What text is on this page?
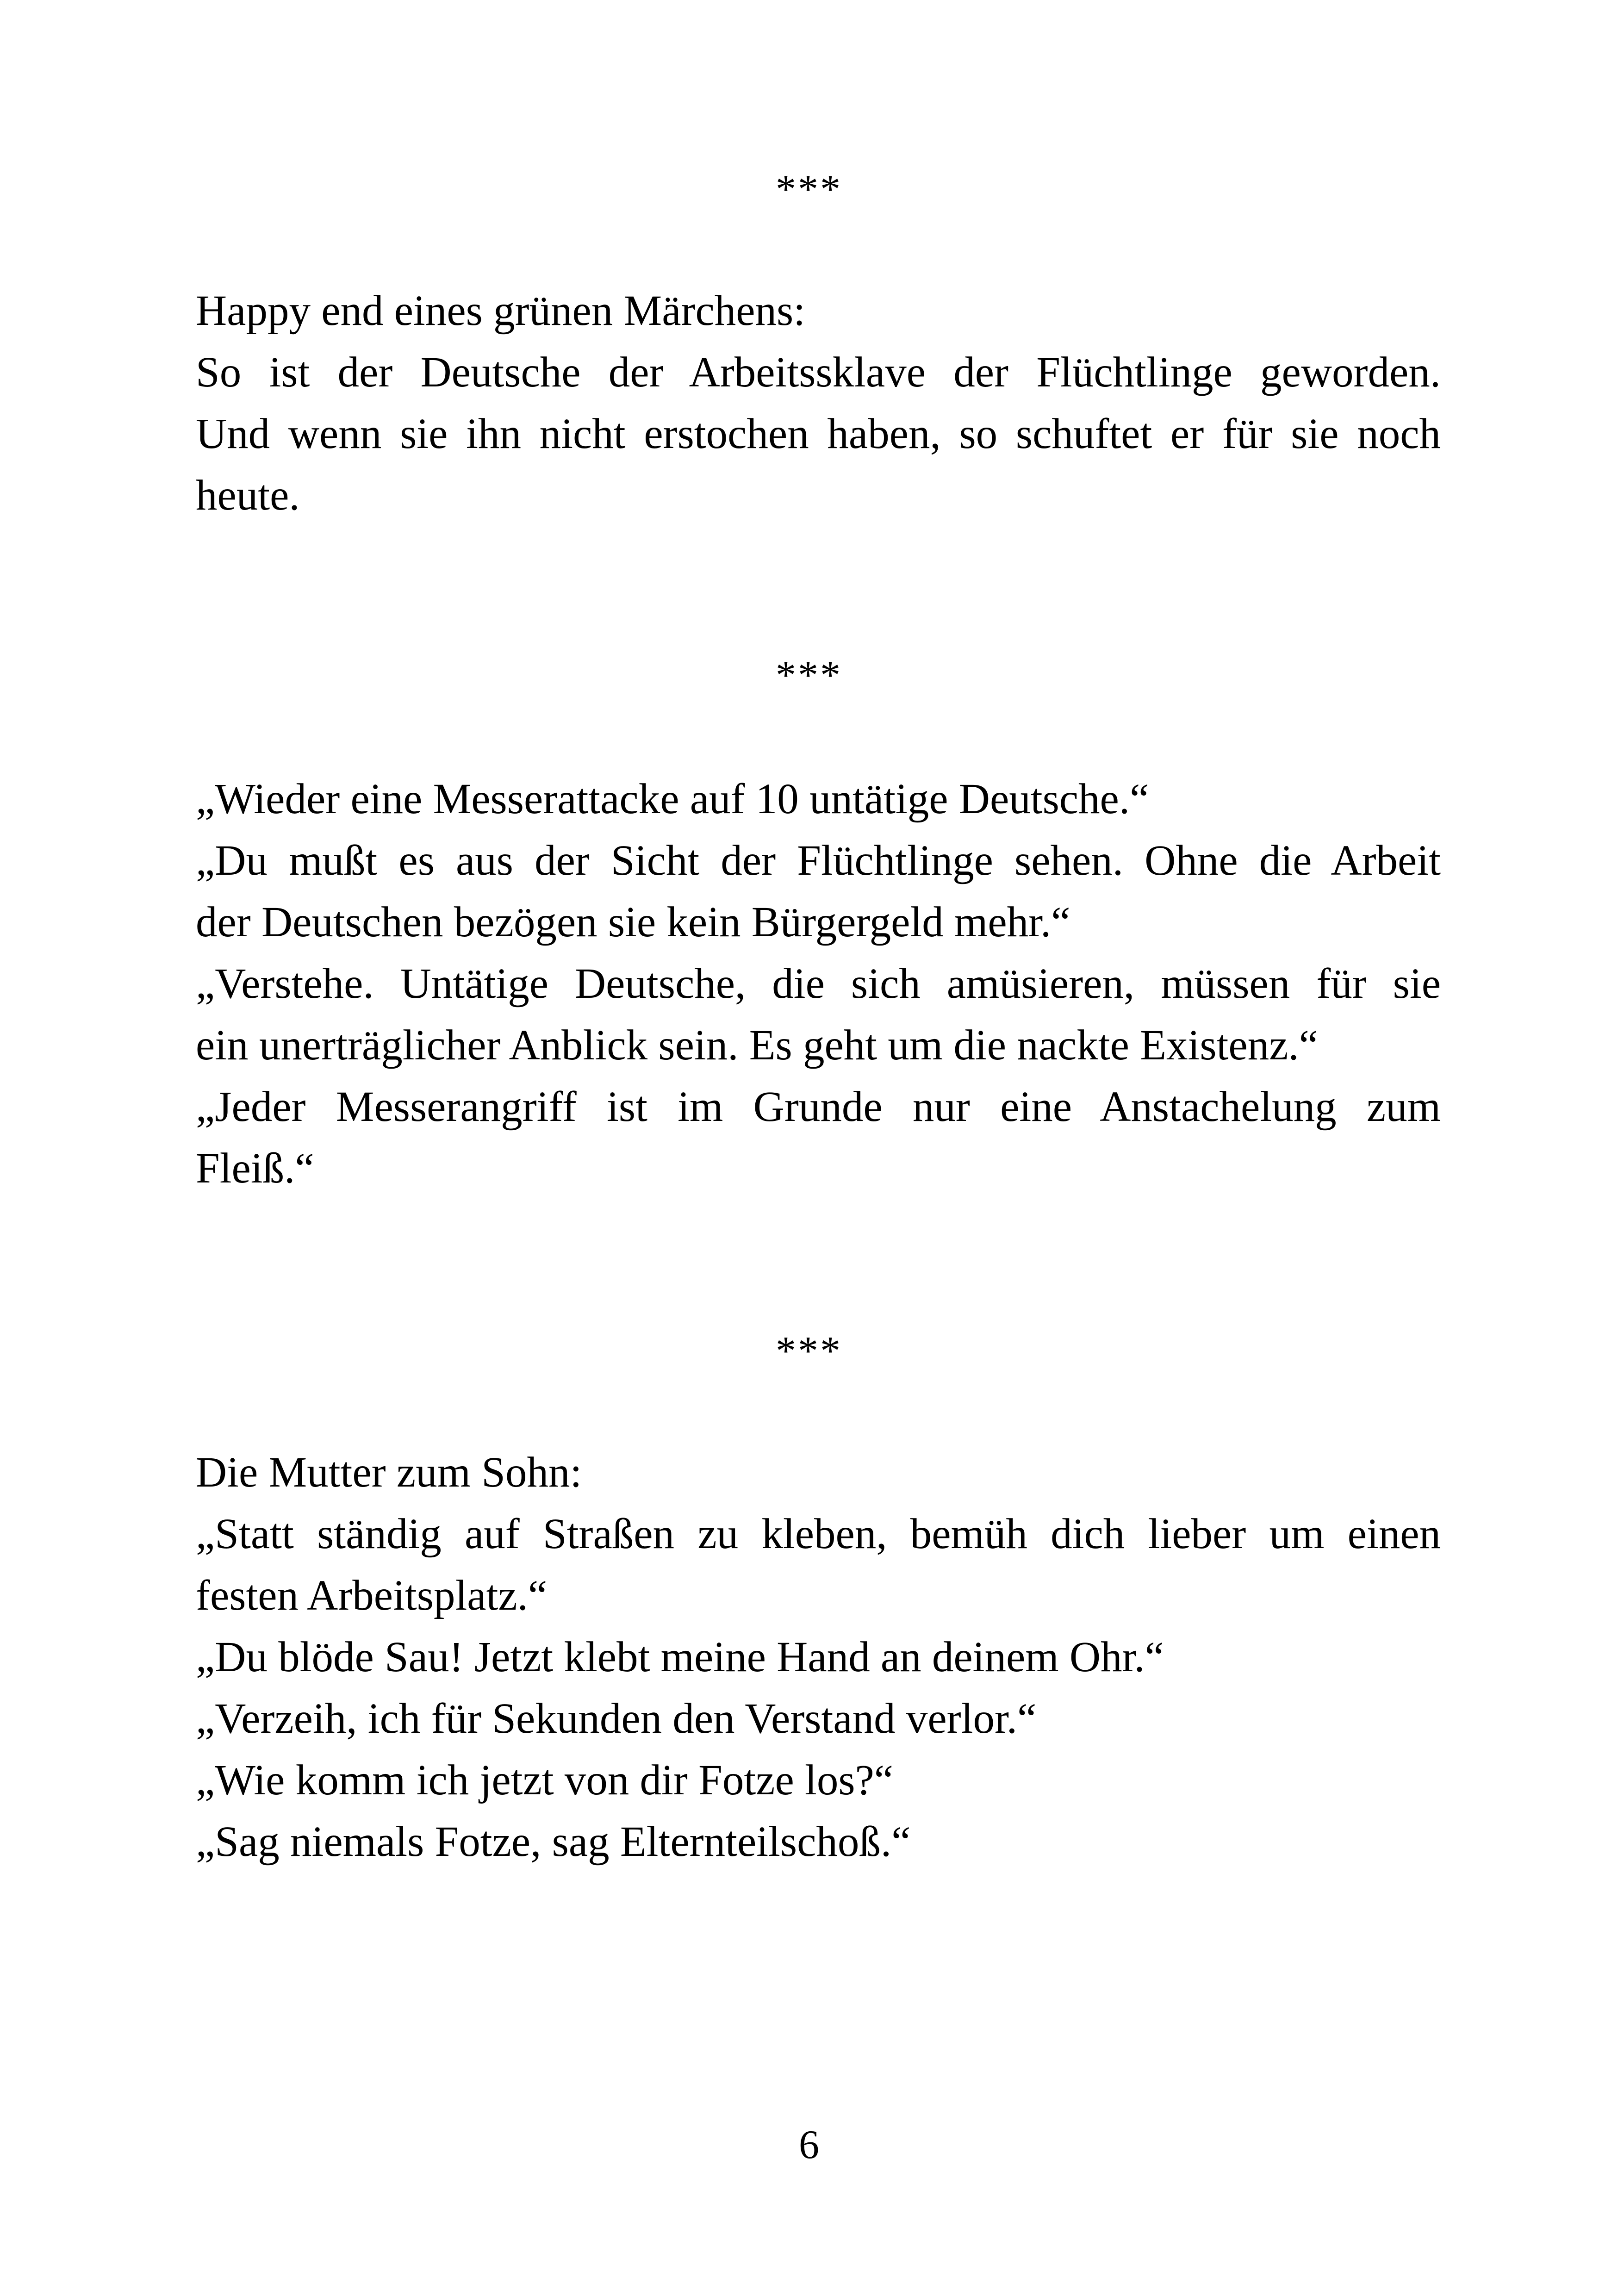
***
Happy end eines grünen Märchens:
So ist der Deutsche der Arbeitssklave der Flüchtlinge geworden.
Und wenn sie ihn nicht erstochen haben, so schuftet er für sie noch
heute.
***
„Wieder eine Messerattacke auf 10 untätige Deutsche.“
„Du mußt es aus der Sicht der Flüchtlinge sehen. Ohne die Arbeit
der Deutschen bezögen sie kein Bürgergeld mehr.“
„Verstehe. Untätige Deutsche, die sich amüsieren, müssen für sie
ein unerträglicher Anblick sein. Es geht um die nackte Existenz.“
„Jeder Messerangriff ist im Grunde nur eine Anstachelung zum
Fleiß.“
***
Die Mutter zum Sohn:
„Statt ständig auf Straßen zu kleben, bemüh dich lieber um einen
festen Arbeitsplatz.“
„Du blöde Sau! Jetzt klebt meine Hand an deinem Ohr.“
„Verzeih, ich für Sekunden den Verstand verlor.“
„Wie komm ich jetzt von dir Fotze los?“
„Sag niemals Fotze, sag Elternteilschoß.“
6
